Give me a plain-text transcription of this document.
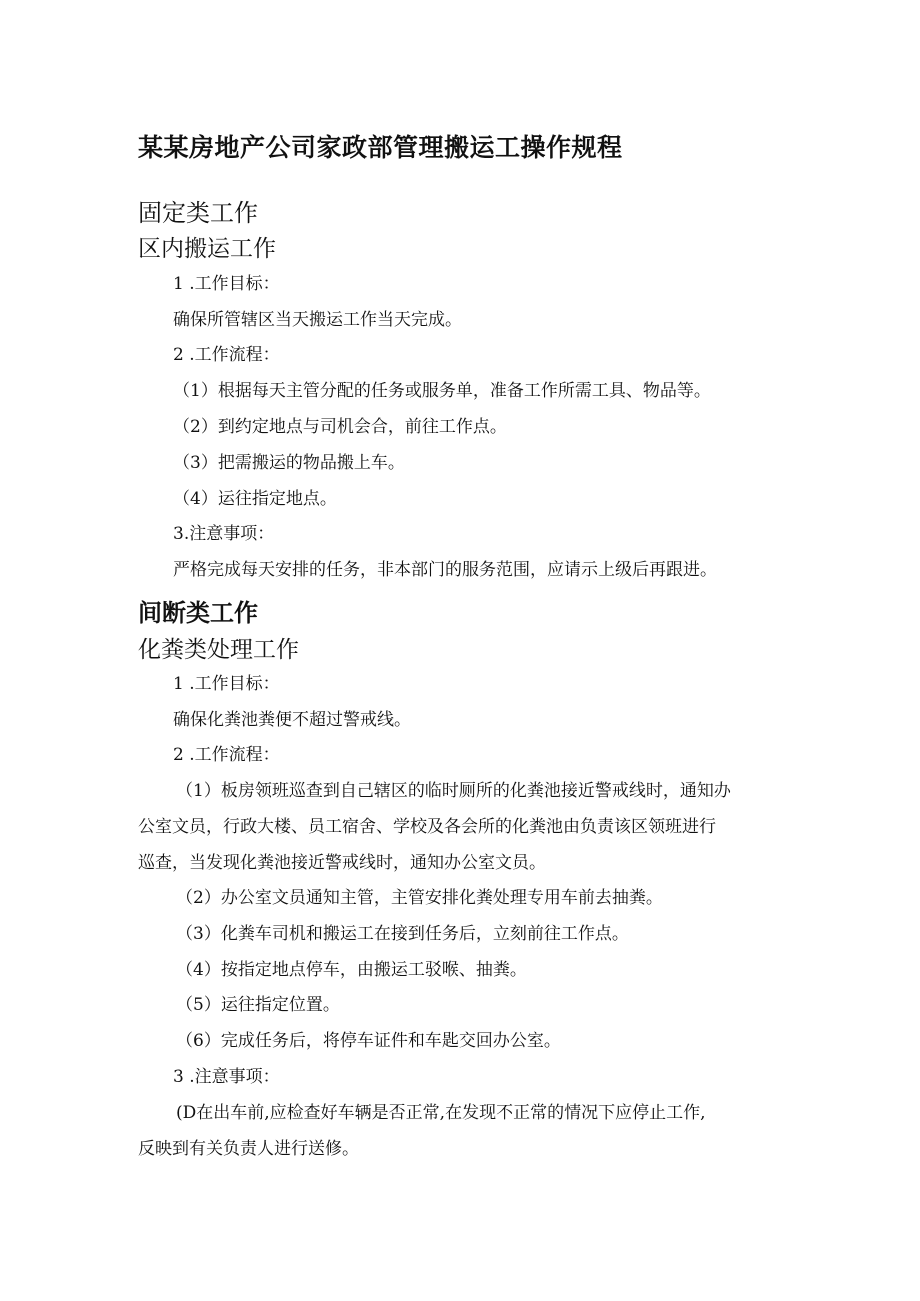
某某房地产公司家政部管理搬运工操作规程
固定类工作
区内搬运工作
1 .工作目标：
确保所管辖区当天搬运工作当天完成。
2 .工作流程：
（1）根据每天主管分配的任务或服务单，准备工作所需工具、物品等。
（2）到约定地点与司机会合，前往工作点。
（3）把需搬运的物品搬上车。
（4）运往指定地点。
3.注意事项：
严格完成每天安排的任务，非本部门的服务范围，应请示上级后再跟进。
间断类工作
化粪类处理工作
1 .工作目标：
确保化粪池粪便不超过警戒线。
2 .工作流程：
（1）板房领班巡查到自己辖区的临时厕所的化粪池接近警戒线时，通知办
公室文员，行政大楼、员工宿舍、学校及各会所的化粪池由负责该区领班进行
巡查，当发现化粪池接近警戒线时，通知办公室文员。
（2）办公室文员通知主管，主管安排化粪处理专用车前去抽粪。
（3）化粪车司机和搬运工在接到任务后，立刻前往工作点。
（4）按指定地点停车，由搬运工驳喉、抽粪。
（5）运往指定位置。
（6）完成任务后，将停车证件和车匙交回办公室。
3 .注意事项：
(D在出车前,应检查好车辆是否正常,在发现不正常的情况下应停止工作,
反映到有关负责人进行送修。
